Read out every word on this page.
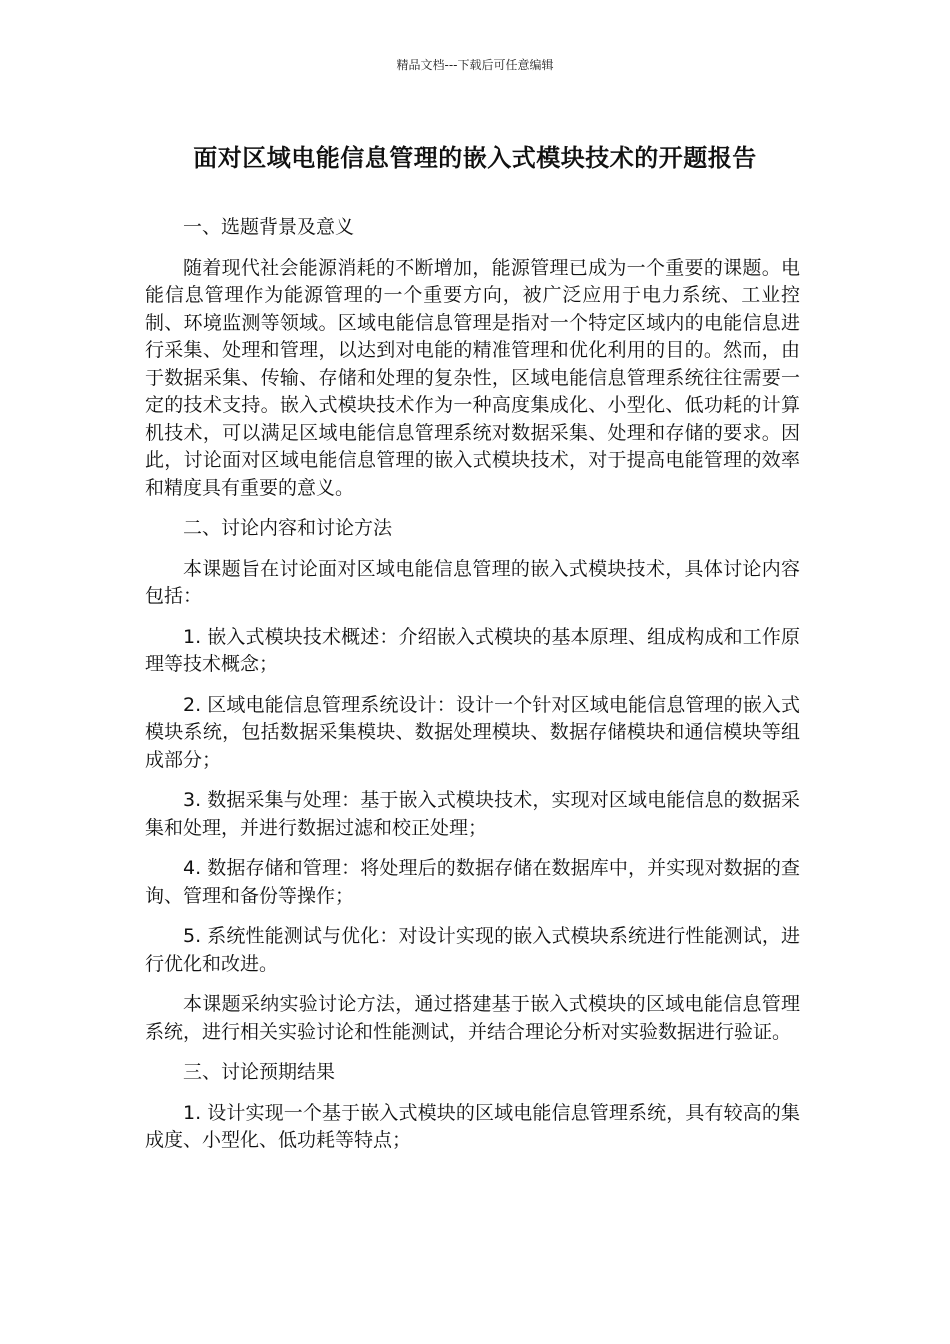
精品文档---下载后可任意编辑
面对区域电能信息管理的嵌入式模块技术的开题报告

一、选题背景及意义

随着现代社会能源消耗的不断增加，能源管理已成为一个重要的课题。电能信息管理作为能源管理的一个重要方向，被广泛应用于电力系统、工业控制、环境监测等领域。区域电能信息管理是指对一个特定区域内的电能信息进行采集、处理和管理，以达到对电能的精准管理和优化利用的目的。然而，由于数据采集、传输、存储和处理的复杂性，区域电能信息管理系统往往需要一定的技术支持。嵌入式模块技术作为一种高度集成化、小型化、低功耗的计算机技术，可以满足区域电能信息管理系统对数据采集、处理和存储的要求。因此，讨论面对区域电能信息管理的嵌入式模块技术，对于提高电能管理的效率和精度具有重要的意义。

二、讨论内容和讨论方法

本课题旨在讨论面对区域电能信息管理的嵌入式模块技术，具体讨论内容包括：

1. 嵌入式模块技术概述：介绍嵌入式模块的基本原理、组成构成和工作原理等技术概念；

2. 区域电能信息管理系统设计：设计一个针对区域电能信息管理的嵌入式模块系统，包括数据采集模块、数据处理模块、数据存储模块和通信模块等组成部分；

3. 数据采集与处理：基于嵌入式模块技术，实现对区域电能信息的数据采集和处理，并进行数据过滤和校正处理；

4. 数据存储和管理：将处理后的数据存储在数据库中，并实现对数据的查询、管理和备份等操作；

5. 系统性能测试与优化：对设计实现的嵌入式模块系统进行性能测试，进行优化和改进。

本课题采纳实验讨论方法，通过搭建基于嵌入式模块的区域电能信息管理系统，进行相关实验讨论和性能测试，并结合理论分析对实验数据进行验证。

三、讨论预期结果

1. 设计实现一个基于嵌入式模块的区域电能信息管理系统，具有较高的集成度、小型化、低功耗等特点；
